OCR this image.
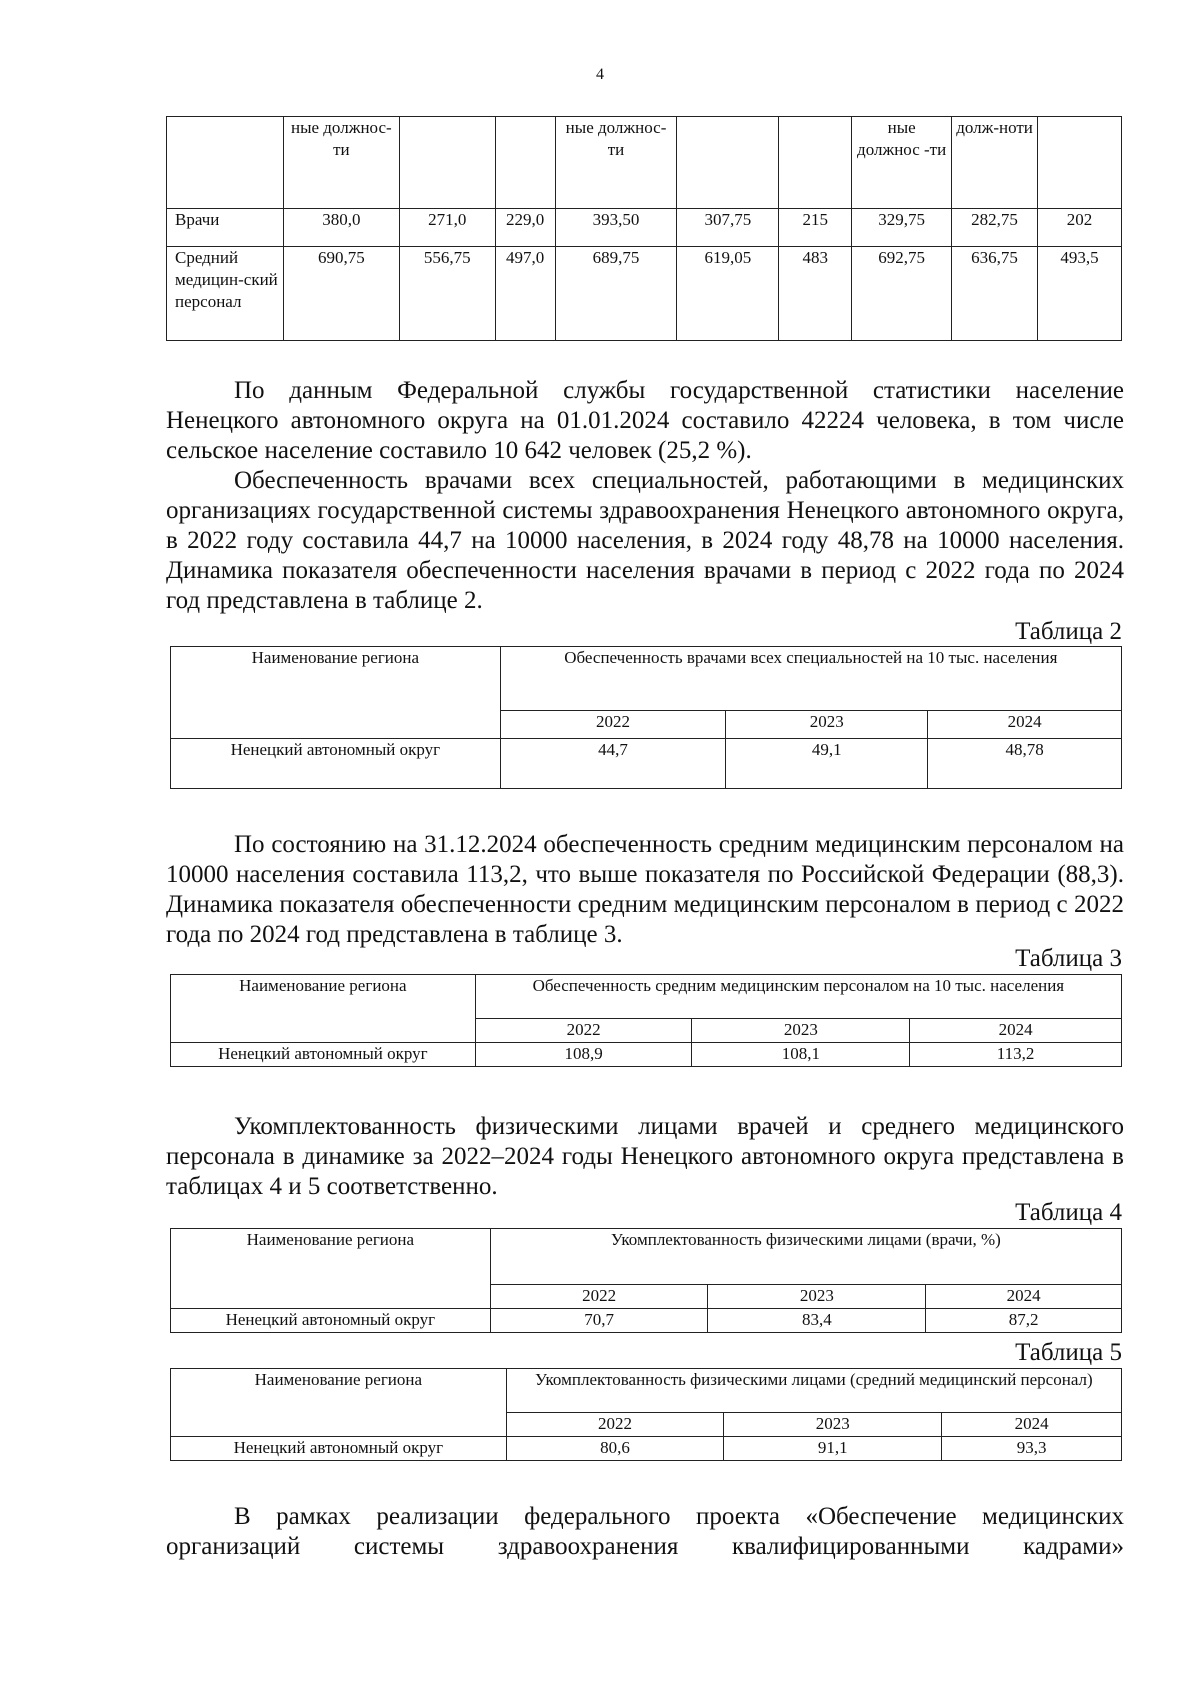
4
	ные должнос-ти			ные должнос-ти			ные должнос -ти	долж-ноти	
Врачи	380,0	271,0	229,0	393,50	307,75	215	329,75	282,75	202
Средний медицин-ский персонал	690,75	556,75	497,0	689,75	619,05	483	692,75	636,75	493,5

По данным Федеральной службы государственной статистики население Ненецкого автономного округа на 01.01.2024 составило 42224 человека, в том числе сельское население составило 10 642 человек (25,2 %).

Обеспеченность врачами всех специальностей, работающими в медицинских организациях государственной системы здравоохранения Ненецкого автономного округа, в 2022 году составила 44,7 на 10000 населения, в 2024 году 48,78 на 10000 населения. Динамика показателя обеспеченности населения врачами в период с 2022 года по 2024 год представлена в таблице 2.

Таблица 2
Наименование региона	Обеспеченность врачами всех специальностей на 10 тыс. населения		
	2022	2023	2024
Ненецкий автономный округ	44,7	49,1	48,78

По состоянию на 31.12.2024 обеспеченность средним медицинским персоналом на 10000 населения составила 113,2, что выше показателя по Российской Федерации (88,3). Динамика показателя обеспеченности средним медицинским персоналом в период с 2022 года по 2024 год представлена в таблице 3.

Таблица 3
Наименование региона	Обеспеченность средним медицинским персоналом на 10 тыс. населения		
	2022	2023	2024
Ненецкий автономный округ	108,9	108,1	113,2

Укомплектованность физическими лицами врачей и среднего медицинского персонала в динамике за 2022–2024 годы Ненецкого автономного округа представлена в таблицах 4 и 5 соответственно.

Таблица 4
Наименование региона	Укомплектованность физическими лицами (врачи, %)		
	2022	2023	2024
Ненецкий автономный округ	70,7	83,4	87,2
Таблица 5
Наименование региона	Укомплектованность физическими лицами (средний медицинский персонал)		
	2022	2023	2024
Ненецкий автономный округ	80,6	91,1	93,3

В рамках реализации федерального проекта «Обеспечение медицинских организаций системы здравоохранения квалифицированными кадрами»
